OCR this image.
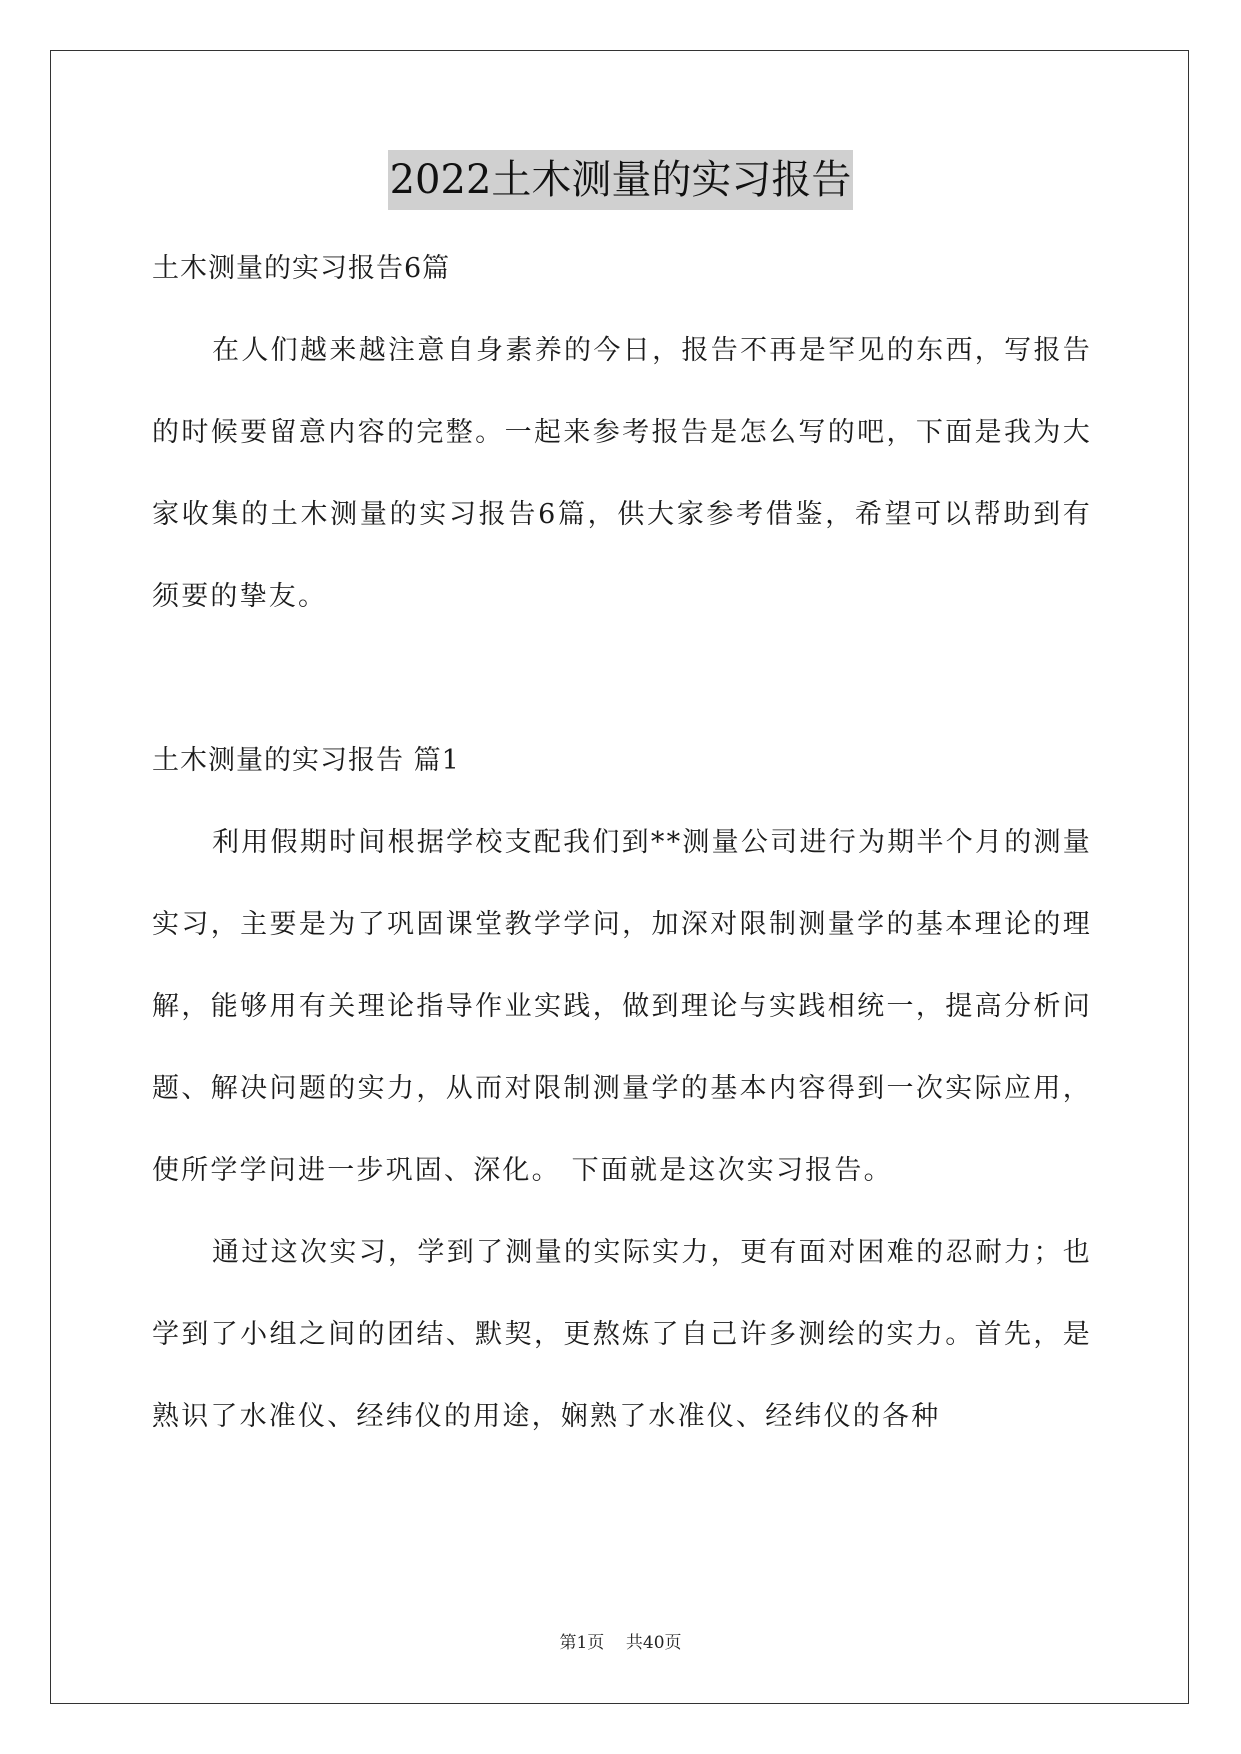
2022土木测量的实习报告
土木测量的实习报告6篇

在人们越来越注意自身素养的今日，报告不再是罕见的东西，写报告的时候要留意内容的完整。一起来参考报告是怎么写的吧，下面是我为大家收集的土木测量的实习报告6篇，供大家参考借鉴，希望可以帮助到有须要的挚友。

土木测量的实习报告 篇1

利用假期时间根据学校支配我们到**测量公司进行为期半个月的测量实习，主要是为了巩固课堂教学学问，加深对限制测量学的基本理论的理解，能够用有关理论指导作业实践，做到理论与实践相统一，提高分析问题、解决问题的实力，从而对限制测量学的基本内容得到一次实际应用，使所学学问进一步巩固、深化。 下面就是这次实习报告。

通过这次实习，学到了测量的实际实力，更有面对困难的忍耐力；也学到了小组之间的团结、默契，更熬炼了自己许多测绘的实力。首先，是熟识了水准仪、经纬仪的用途，娴熟了水准仪、经纬仪的各种

第1页 共40页
